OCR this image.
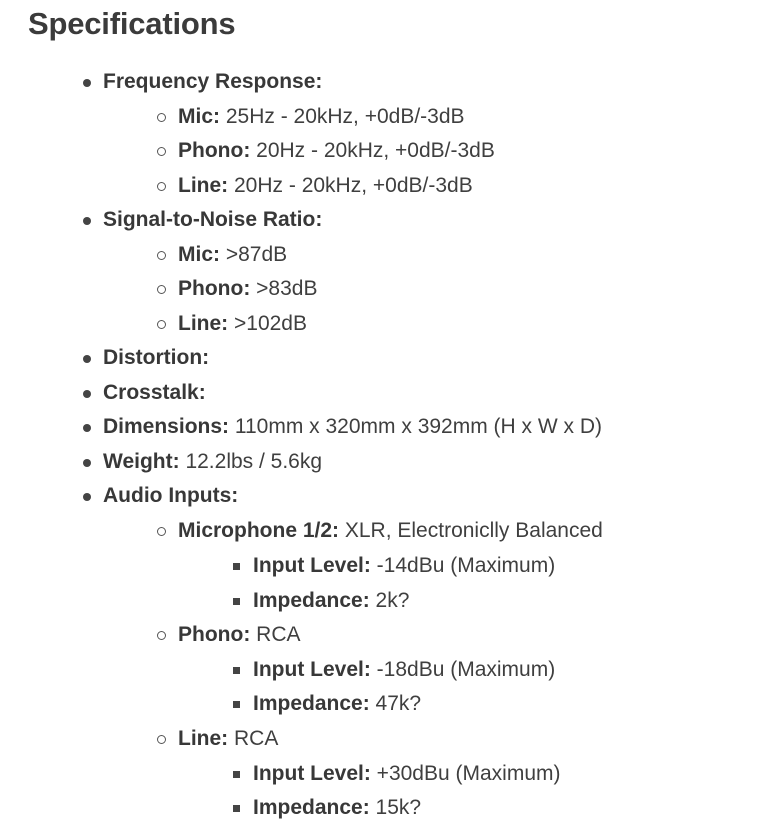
Specifications
Frequency Response:
Mic: 25Hz - 20kHz, +0dB/-3dB
Phono: 20Hz - 20kHz, +0dB/-3dB
Line: 20Hz - 20kHz, +0dB/-3dB
Signal-to-Noise Ratio:
Mic: >87dB
Phono: >83dB
Line: >102dB
Distortion:
Crosstalk:
Dimensions: 110mm x 320mm x 392mm (H x W x D)
Weight: 12.2lbs / 5.6kg
Audio Inputs:
Microphone 1/2: XLR, Electroniclly Balanced
Input Level: -14dBu (Maximum)
Impedance: 2k?
Phono: RCA
Input Level: -18dBu (Maximum)
Impedance: 47k?
Line: RCA
Input Level: +30dBu (Maximum)
Impedance: 15k?
